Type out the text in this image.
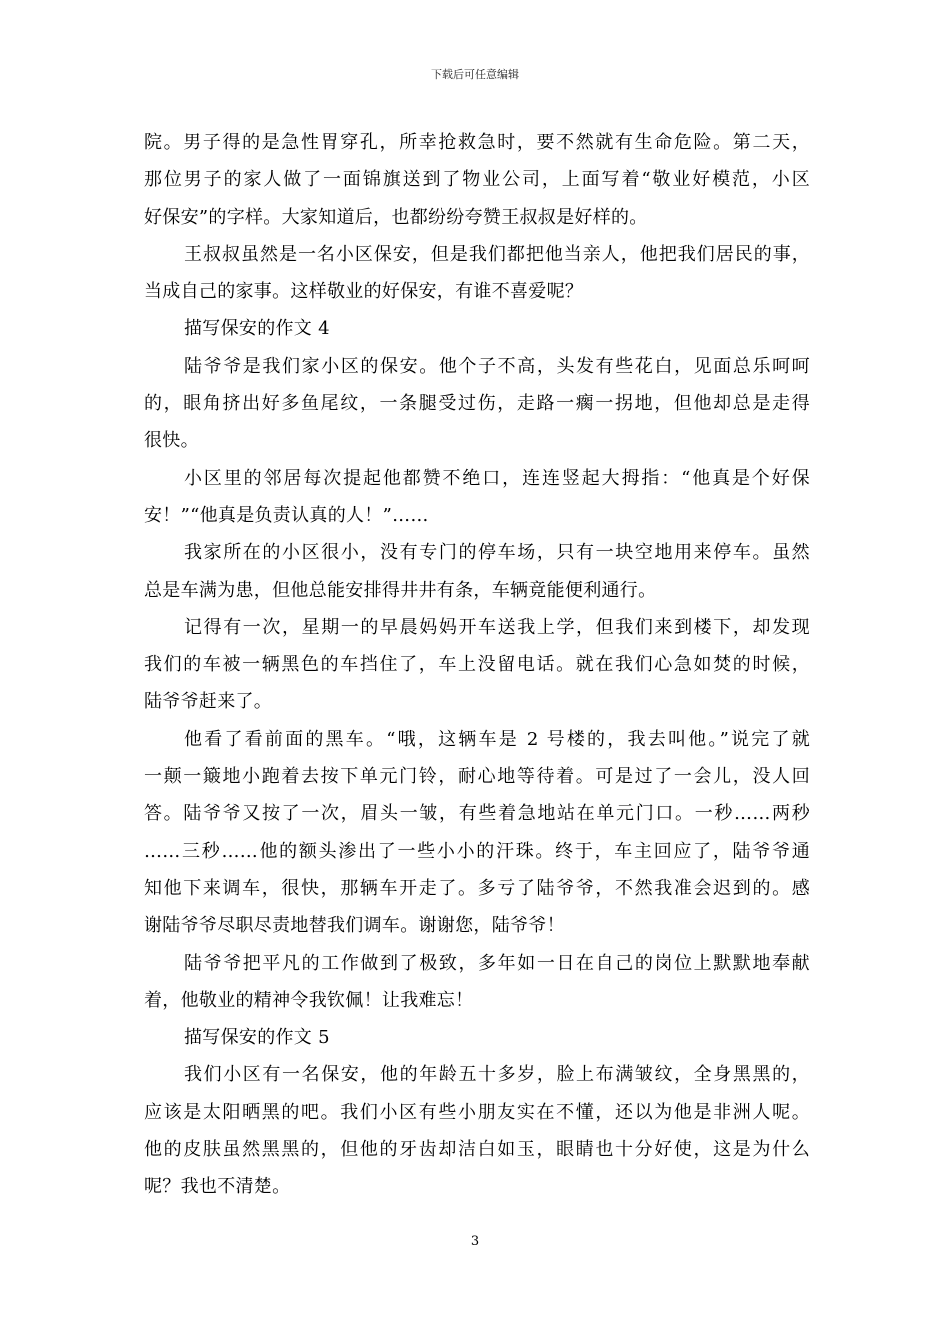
下载后可任意编辑
院。男子得的是急性胃穿孔，所幸抢救急时，要不然就有生命危险。第二天，
那位男子的家人做了一面锦旗送到了物业公司，上面写着“敬业好模范，小区
好保安”的字样。大家知道后，也都纷纷夸赞王叔叔是好样的。
王叔叔虽然是一名小区保安，但是我们都把他当亲人，他把我们居民的事，
当成自己的家事。这样敬业的好保安，有谁不喜爱呢？
描写保安的作文 4
陆爷爷是我们家小区的保安。他个子不高，头发有些花白，见面总乐呵呵
的，眼角挤出好多鱼尾纹，一条腿受过伤，走路一瘸一拐地，但他却总是走得
很快。
小区里的邻居每次提起他都赞不绝口，连连竖起大拇指：“他真是个好保
安！”“他真是负责认真的人！”……
我家所在的小区很小，没有专门的停车场，只有一块空地用来停车。虽然
总是车满为患，但他总能安排得井井有条，车辆竟能便利通行。
记得有一次，星期一的早晨妈妈开车送我上学，但我们来到楼下，却发现
我们的车被一辆黑色的车挡住了，车上没留电话。就在我们心急如焚的时候，
陆爷爷赶来了。
他看了看前面的黑车。“哦，这辆车是 2 号楼的，我去叫他。”说完了就
一颠一簸地小跑着去按下单元门铃，耐心地等待着。可是过了一会儿，没人回
答。陆爷爷又按了一次，眉头一皱，有些着急地站在单元门口。一秒……两秒
……三秒……他的额头渗出了一些小小的汗珠。终于，车主回应了，陆爷爷通
知他下来调车，很快，那辆车开走了。多亏了陆爷爷，不然我准会迟到的。感
谢陆爷爷尽职尽责地替我们调车。谢谢您，陆爷爷！
陆爷爷把平凡的工作做到了极致，多年如一日在自己的岗位上默默地奉献
着，他敬业的精神令我钦佩！让我难忘！
描写保安的作文 5
我们小区有一名保安，他的年龄五十多岁，脸上布满皱纹，全身黑黑的，
应该是太阳晒黑的吧。我们小区有些小朋友实在不懂，还以为他是非洲人呢。
他的皮肤虽然黑黑的，但他的牙齿却洁白如玉，眼睛也十分好使，这是为什么
呢？我也不清楚。
3
